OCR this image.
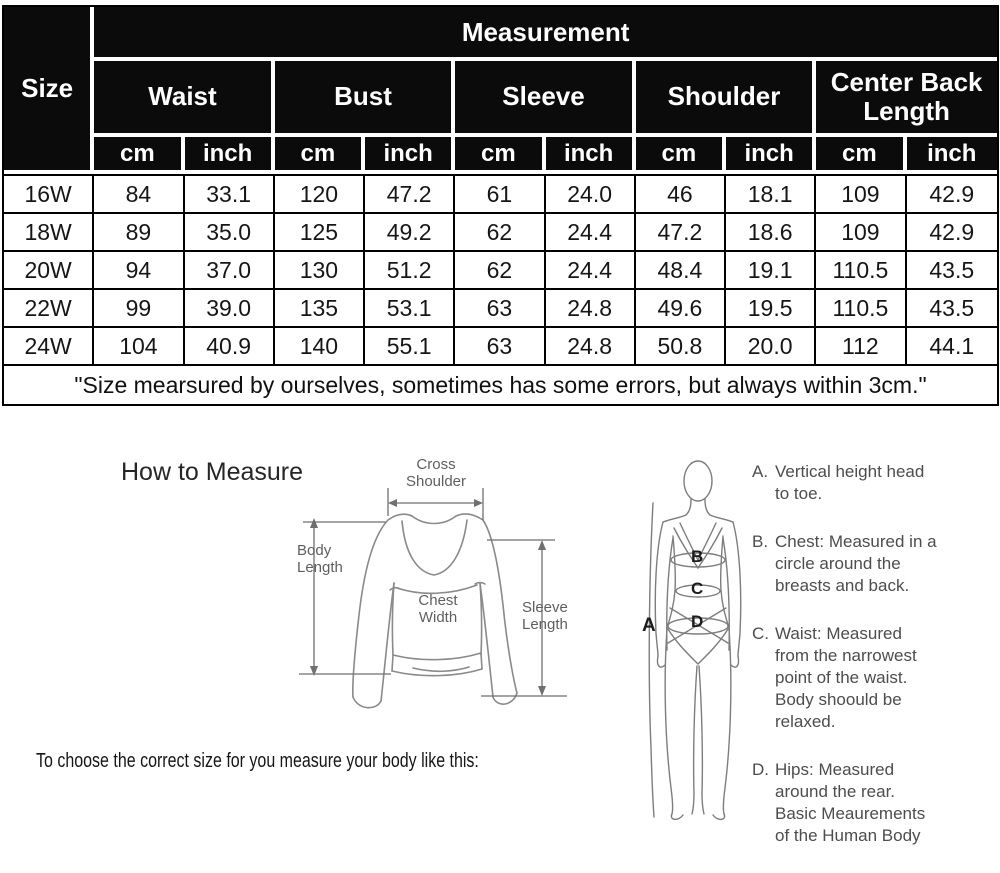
Size	Measurement									
	Waist		Bust		Sleeve		Shoulder		Center Back Length	
	cm	inch	cm	inch	cm	inch	cm	inch	cm	inch
16W	84	33.1	120	47.2	61	24.0	46	18.1	109	42.9
18W	89	35.0	125	49.2	62	24.4	47.2	18.6	109	42.9
20W	94	37.0	130	51.2	62	24.4	48.4	19.1	110.5	43.5
22W	99	39.0	135	53.1	63	24.8	49.6	19.5	110.5	43.5
24W	104	40.9	140	55.1	63	24.8	50.8	20.0	112	44.1
"Size mearsured by ourselves, sometimes has some errors, but always within 3cm."										
How to Measure	Cross Shoulder
Body Length
Chest Width
Sleeve Length	A
B
C
D
A. Vertical height head
to toe.
B. Chest: Measured in a
circle around the
breasts and back.
C. Waist: Measured
from the narrowest
point of the waist.
Body shoould be
relaxed.
D. Hips: Measured
around the rear.
Basic Meaurements
of the Human Body
To choose the correct size for you measure your body like this:
